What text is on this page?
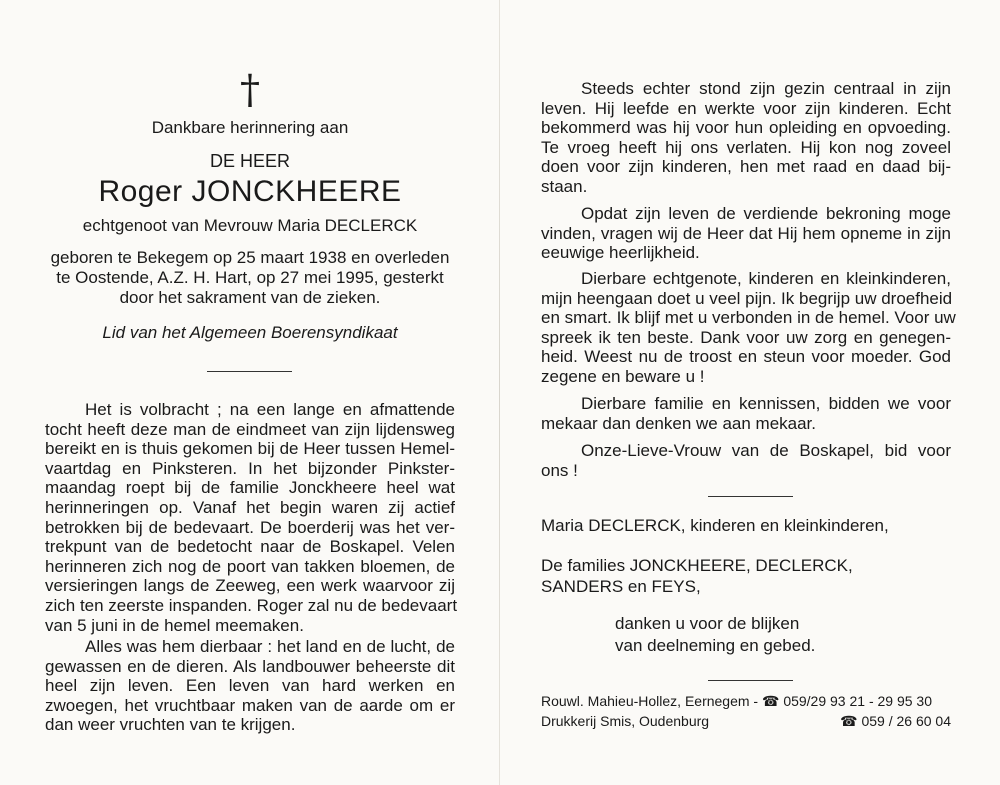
†
Dankbare herinnering aan
DE HEER
Roger JONCKHEERE
echtgenoot van Mevrouw Maria DECLERCK
geboren te Bekegem op 25 maart 1938 en overleden
te Oostende, A.Z. H. Hart, op 27 mei 1995, gesterkt
door het sakrament van de zieken.
Lid van het Algemeen Boerensyndikaat
Het is volbracht ; na een lange en afmattende
tocht heeft deze man de eindmeet van zijn lijdensweg
bereikt en is thuis gekomen bij de Heer tussen Hemel-
vaartdag en Pinksteren. In het bijzonder Pinkster-
maandag roept bij de familie Jonckheere heel wat
herinneringen op. Vanaf het begin waren zij actief
betrokken bij de bedevaart. De boerderij was het ver-
trekpunt van de bedetocht naar de Boskapel. Velen
herinneren zich nog de poort van takken bloemen, de
versieringen langs de Zeeweg, een werk waarvoor zij
zich ten zeerste inspanden. Roger zal nu de bedevaart
van 5 juni in de hemel meemaken.
Alles was hem dierbaar : het land en de lucht, de
gewassen en de dieren. Als landbouwer beheerste dit
heel zijn leven. Een leven van hard werken en
zwoegen, het vruchtbaar maken van de aarde om er
dan weer vruchten van te krijgen.
Steeds echter stond zijn gezin centraal in zijn
leven. Hij leefde en werkte voor zijn kinderen. Echt
bekommerd was hij voor hun opleiding en opvoeding.
Te vroeg heeft hij ons verlaten. Hij kon nog zoveel
doen voor zijn kinderen, hen met raad en daad bij-
staan.
Opdat zijn leven de verdiende bekroning moge
vinden, vragen wij de Heer dat Hij hem opneme in zijn
eeuwige heerlijkheid.
Dierbare echtgenote, kinderen en kleinkinderen,
mijn heengaan doet u veel pijn. Ik begrijp uw droefheid
en smart. Ik blijf met u verbonden in de hemel. Voor uw
spreek ik ten beste. Dank voor uw zorg en genegen-
heid. Weest nu de troost en steun voor moeder. God
zegene en beware u !
Dierbare familie en kennissen, bidden we voor
mekaar dan denken we aan mekaar.
Onze-Lieve-Vrouw van de Boskapel, bid voor
ons !
Maria DECLERCK, kinderen en kleinkinderen,
De families JONCKHEERE, DECLERCK,
SANDERS en FEYS,
danken u voor de blijken
van deelneming en gebed.
Rouwl. Mahieu-Hollez, Eernegem - ☎ 059/29 93 21 - 29 95 30
Drukkerij Smis, Oudenburg	☎ 059 / 26 60 04
